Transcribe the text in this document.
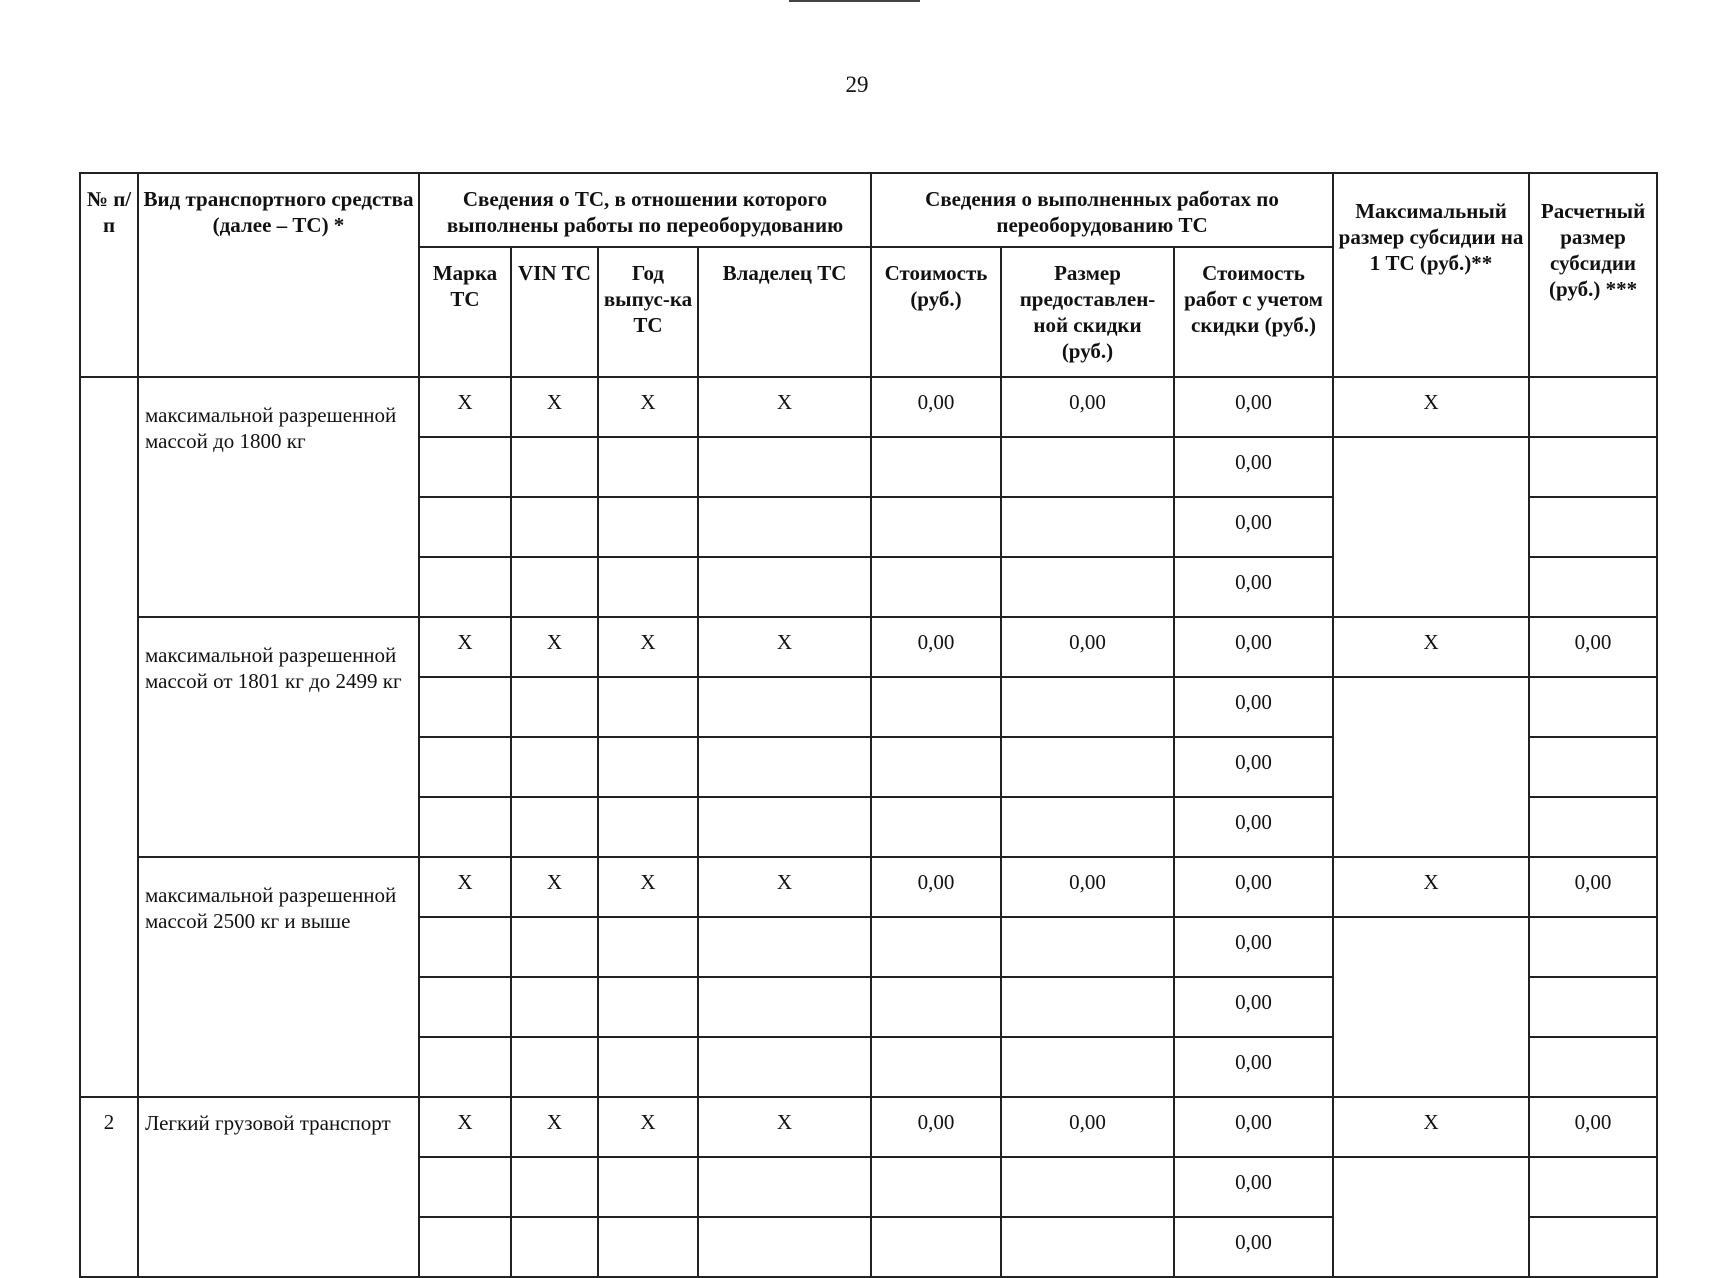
29
№ п/п	Вид транспортного средства (далее – ТС) *	Сведения о ТС, в отношении которого выполнены работы по переоборудованию				Сведения о выполненных работах по переоборудованию ТС			Максимальный размер субсидии на 1 ТС (руб.)**	Расчетный размер субсидии (руб.) ***
		Марка ТС	VIN ТС	Год выпус-ка ТС	Владелец ТС	Стоимость (руб.)	Размер предоставлен-ной скидки (руб.)	Стоимость работ с учетом скидки (руб.)		
	максимальной разрешенной массой до 1800 кг	Х	Х	Х	Х	0,00	0,00	0,00	Х	
								0,00		
								0,00		
								0,00		
	максимальной разрешенной массой от 1801 кг до 2499 кг	Х	Х	Х	Х	0,00	0,00	0,00	Х	0,00
								0,00		
								0,00		
								0,00		
	максимальной разрешенной массой 2500 кг и выше	Х	Х	Х	Х	0,00	0,00	0,00	Х	0,00
								0,00		
								0,00		
								0,00		
2	Легкий грузовой транспорт	Х	Х	Х	Х	0,00	0,00	0,00	Х	0,00
								0,00		
								0,00		
